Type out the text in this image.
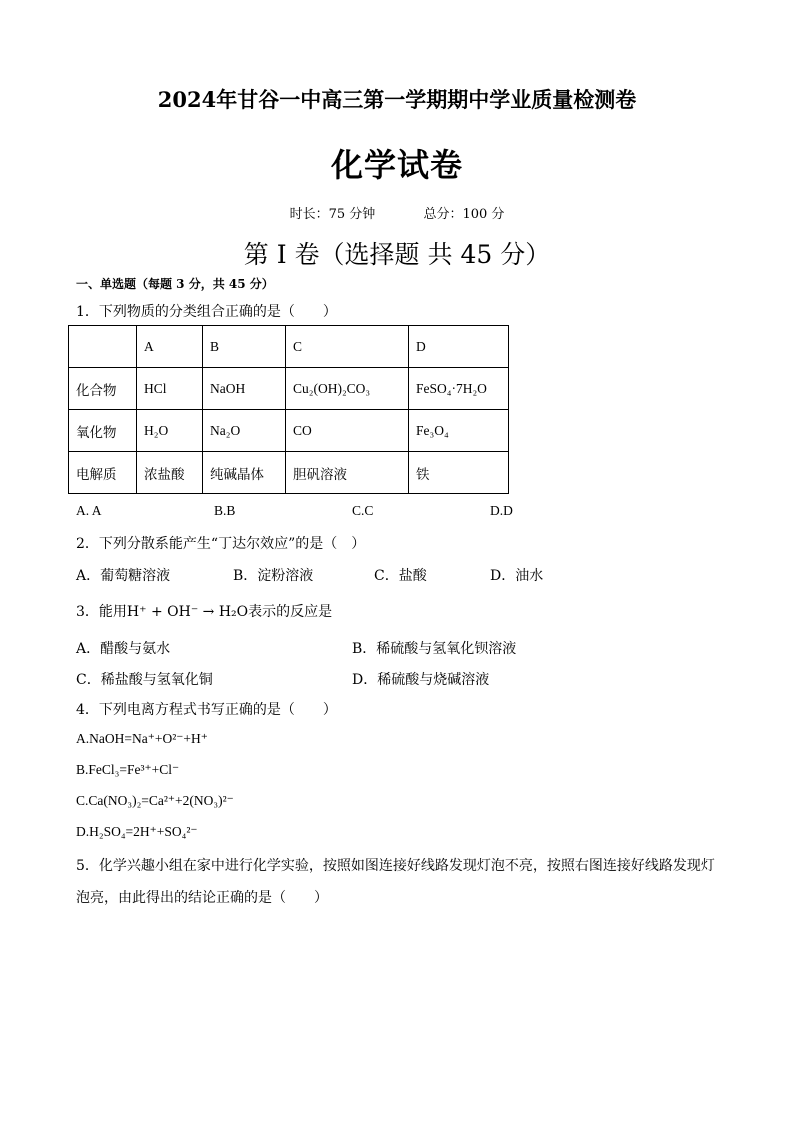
2024年甘谷一中高三第一学期期中学业质量检测卷
化学试卷
时长：75 分钟	总分：100 分
第 I 卷（选择题 共 45 分）
一、单选题（每题 3 分，共 45 分）
1．下列物质的分类组合正确的是（　　）
	A	B	C	D
化合物	HCl	NaOH	Cu₂(OH)₂CO₃	FeSO₄·7H₂O
氧化物	H₂O	Na₂O	CO	Fe₃O₄
电解质	浓盐酸	纯碱晶体	胆矾溶液	铁
A. A	B.B	C.C	D.D
2．下列分散系能产生“丁达尔效应”的是（　）
A．葡萄糖溶液	B．淀粉溶液	C．盐酸	D．油水
3．能用H⁺ + OH⁻ → H₂O表示的反应是
A．醋酸与氨水	B．稀硫酸与氢氧化钡溶液
C．稀盐酸与氢氧化铜	D．稀硫酸与烧碱溶液
4．下列电离方程式书写正确的是（　　）
A.NaOH=Na⁺+O²⁻+H⁺
B.FeCl₃=Fe³⁺+Cl⁻
C.Ca(NO₃)₂=Ca²⁺+2(NO₃)²⁻
D.H₂SO₄=2H⁺+SO₄²⁻
5．化学兴趣小组在家中进行化学实验，按照如图连接好线路发现灯泡不亮，按照右图连接好线路发现灯
泡亮，由此得出的结论正确的是（　　）
